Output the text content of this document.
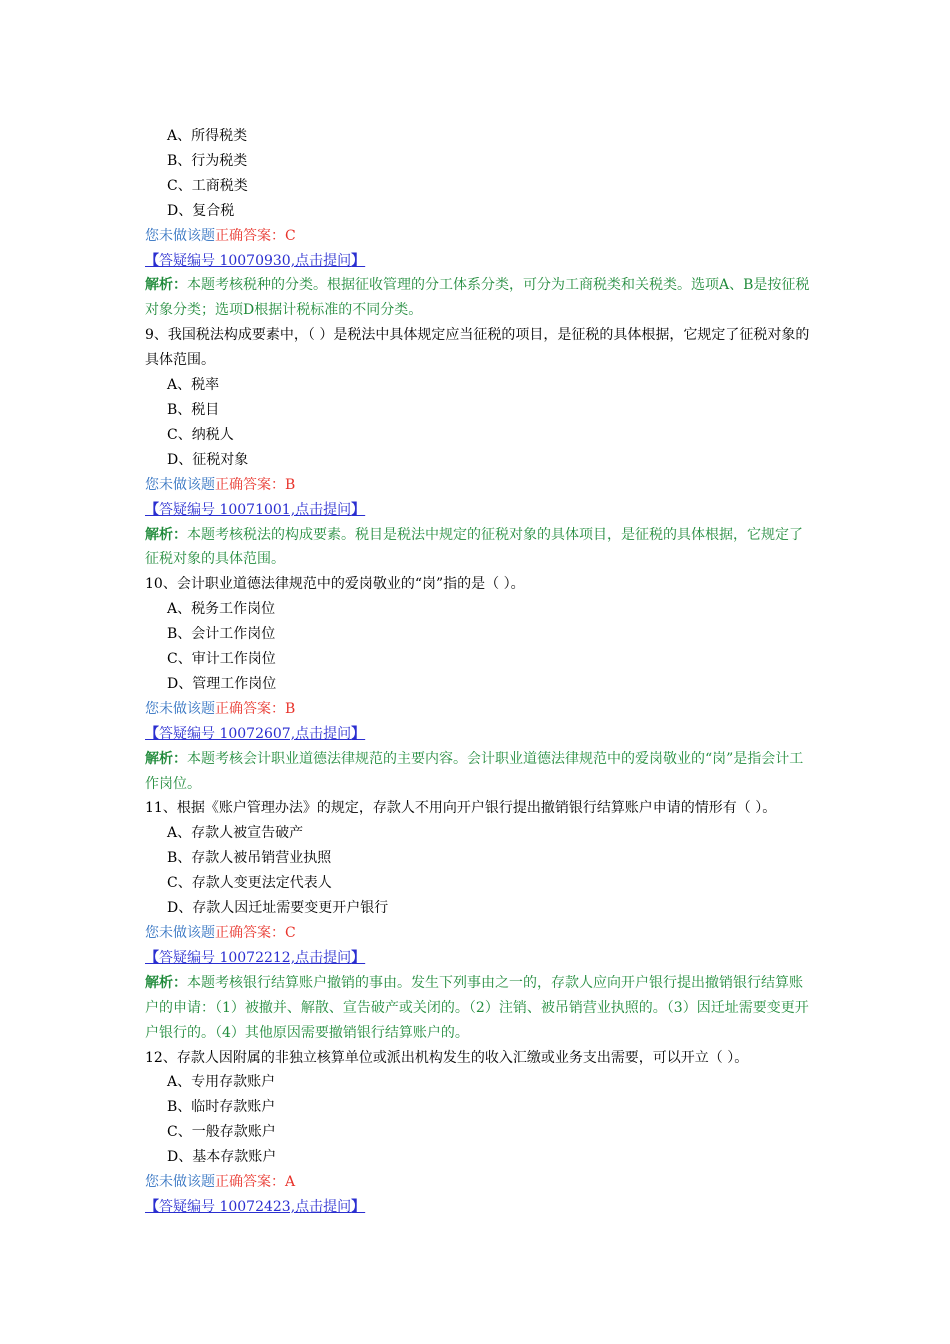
A、所得税类
B、行为税类
C、工商税类
D、复合税
您未做该题正确答案：C
【答疑编号 10070930,点击提问】
解析：本题考核税种的分类。根据征收管理的分工体系分类，可分为工商税类和关税类。选项A、B是按征税对象分类；选项D根据计税标准的不同分类。
9、我国税法构成要素中，（ ）是税法中具体规定应当征税的项目，是征税的具体根据，它规定了征税对象的具体范围。
A、税率
B、税目
C、纳税人
D、征税对象
您未做该题正确答案：B
【答疑编号 10071001,点击提问】
解析：本题考核税法的构成要素。税目是税法中规定的征税对象的具体项目，是征税的具体根据，它规定了征税对象的具体范围。
10、会计职业道德法律规范中的爱岗敬业的“岗”指的是（ ）。
A、税务工作岗位
B、会计工作岗位
C、审计工作岗位
D、管理工作岗位
您未做该题正确答案：B
【答疑编号 10072607,点击提问】
解析：本题考核会计职业道德法律规范的主要内容。会计职业道德法律规范中的爱岗敬业的“岗”是指会计工作岗位。
11、根据《账户管理办法》的规定，存款人不用向开户银行提出撤销银行结算账户申请的情形有（ ）。
A、存款人被宣告破产
B、存款人被吊销营业执照
C、存款人变更法定代表人
D、存款人因迁址需要变更开户银行
您未做该题正确答案：C
【答疑编号 10072212,点击提问】
解析：本题考核银行结算账户撤销的事由。发生下列事由之一的，存款人应向开户银行提出撤销银行结算账户的申请：（1）被撤并、解散、宣告破产或关闭的。（2）注销、被吊销营业执照的。（3）因迁址需要变更开户银行的。（4）其他原因需要撤销银行结算账户的。
12、存款人因附属的非独立核算单位或派出机构发生的收入汇缴或业务支出需要，可以开立（ ）。
A、专用存款账户
B、临时存款账户
C、一般存款账户
D、基本存款账户
您未做该题正确答案：A
【答疑编号 10072423,点击提问】
